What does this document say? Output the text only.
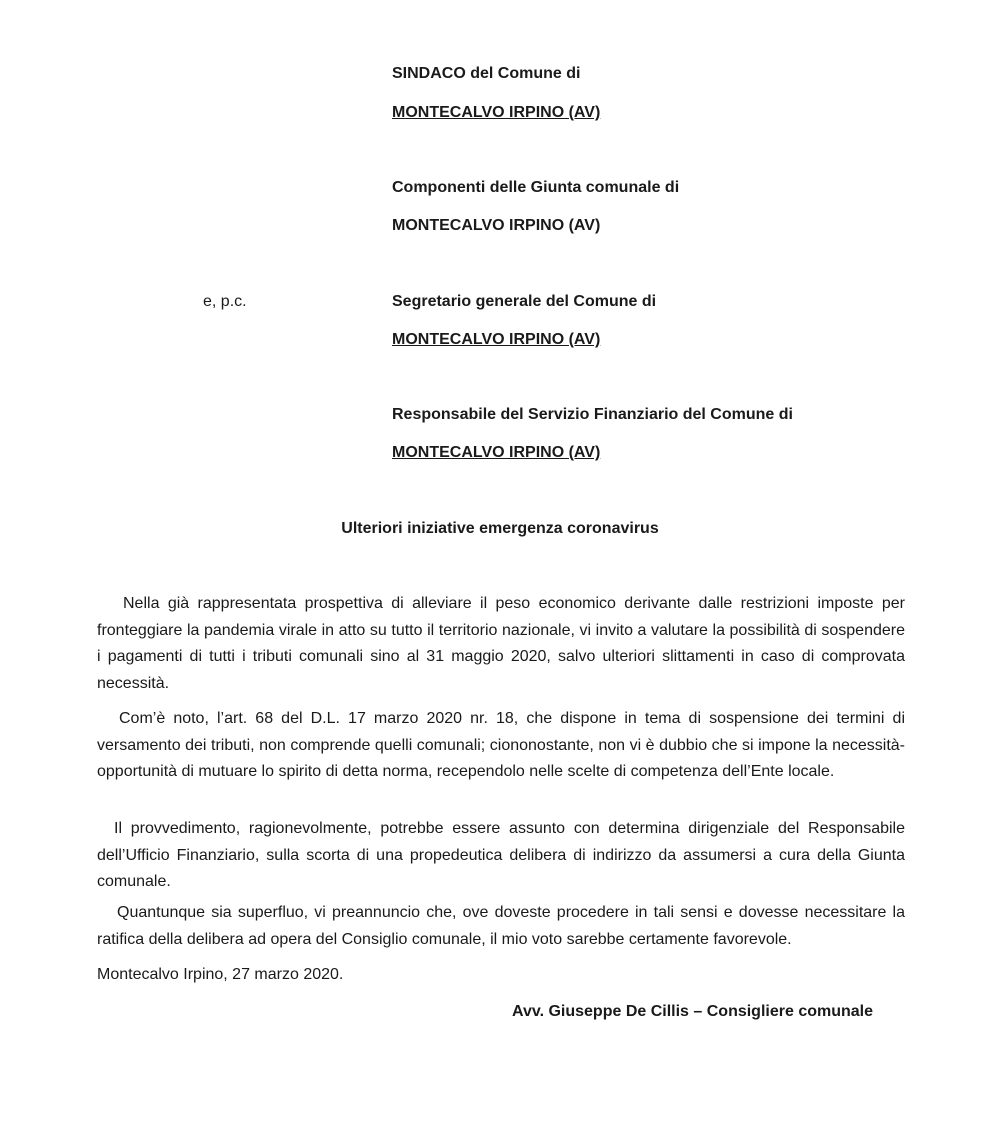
SINDACO del Comune di
MONTECALVO IRPINO (AV)
Componenti delle Giunta comunale di
MONTECALVO IRPINO (AV)
e, p.c.	Segretario generale del Comune di
MONTECALVO IRPINO (AV)
Responsabile del Servizio Finanziario del Comune di
MONTECALVO IRPINO (AV)
Ulteriori iniziative emergenza coronavirus

Nella già rappresentata prospettiva di alleviare il peso economico derivante dalle restrizioni imposte per fronteggiare la pandemia virale in atto su tutto il territorio nazionale, vi invito a valutare la possibilità di sospendere i pagamenti di tutti i tributi comunali sino al 31 maggio 2020, salvo ulteriori slittamenti in caso di comprovata necessità.

Com’è noto, l’art. 68 del D.L. 17 marzo 2020 nr. 18, che dispone in tema di sospensione dei termini di versamento dei tributi, non comprende quelli comunali; ciononostante, non vi è dubbio che si impone la necessità-opportunità di mutuare lo spirito di detta norma, recependolo nelle scelte di competenza dell’Ente locale.

Il provvedimento, ragionevolmente, potrebbe essere assunto con determina dirigenziale del Responsabile dell’Ufficio Finanziario, sulla scorta di una propedeutica delibera di indirizzo da assumersi a cura della Giunta comunale.

Quantunque sia superfluo, vi preannuncio che, ove doveste procedere in tali sensi e dovesse necessitare la ratifica della delibera ad opera del Consiglio comunale, il mio voto sarebbe certamente favorevole.

Montecalvo Irpino, 27 marzo 2020.
Avv. Giuseppe De Cillis – Consigliere comunale
